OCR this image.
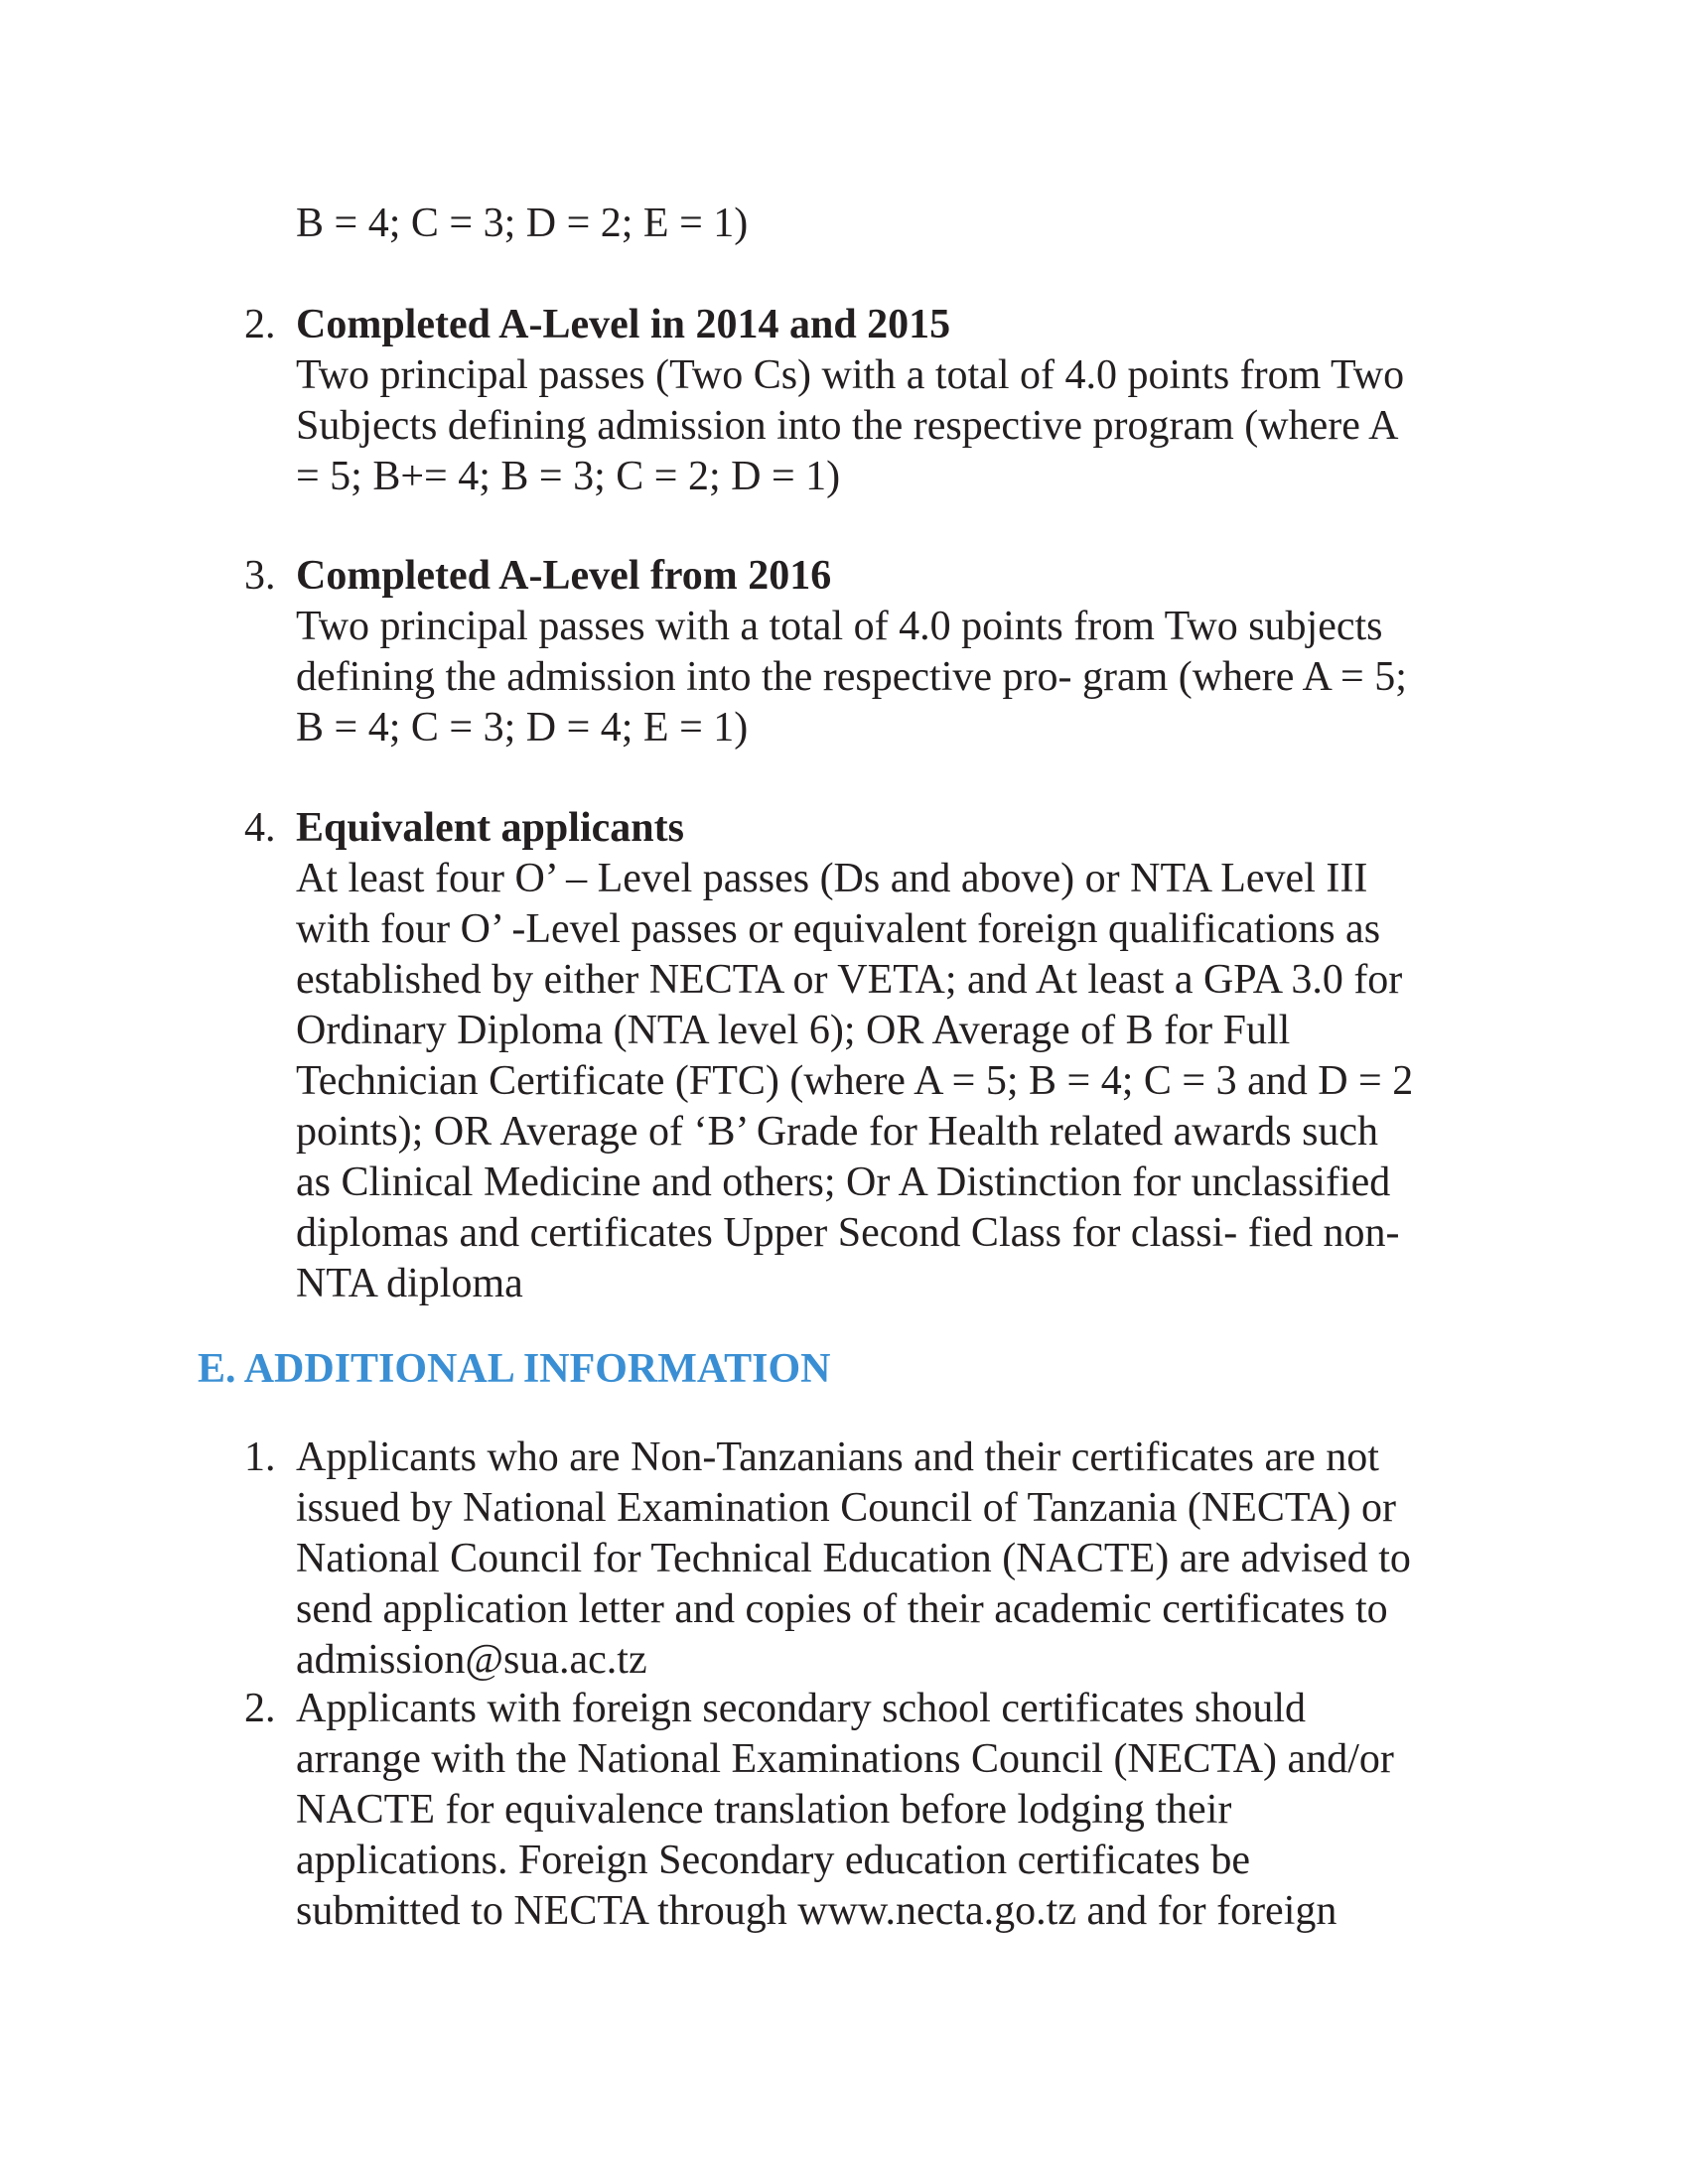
B = 4; C = 3; D = 2; E = 1)
2. Completed A-Level in 2014 and 2015
Two principal passes (Two Cs) with a total of 4.0 points from Two
Subjects defining admission into the respective program (where A
= 5; B+= 4; B = 3; C = 2; D = 1)
3. Completed A-Level from 2016
Two principal passes with a total of 4.0 points from Two subjects
defining the admission into the respective pro- gram (where A = 5;
B = 4; C = 3; D = 4; E = 1)
4. Equivalent applicants
At least four O’ – Level passes (Ds and above) or NTA Level III
with four O’ -Level passes or equivalent foreign qualifications as
established by either NECTA or VETA; and At least a GPA 3.0 for
Ordinary Diploma (NTA level 6); OR Average of B for Full
Technician Certificate (FTC) (where A = 5; B = 4; C = 3 and D = 2
points); OR Average of ‘B’ Grade for Health related awards such
as Clinical Medicine and others; Or A Distinction for unclassified
diplomas and certificates Upper Second Class for classi- fied non-
NTA diploma
E. ADDITIONAL INFORMATION
1. Applicants who are Non-Tanzanians and their certificates are not
issued by National Examination Council of Tanzania (NECTA) or
National Council for Technical Education (NACTE) are advised to
send application letter and copies of their academic certificates to
admission@sua.ac.tz
2. Applicants with foreign secondary school certificates should
arrange with the National Examinations Council (NECTA) and/or
NACTE for equivalence translation before lodging their
applications. Foreign Secondary education certificates be
submitted to NECTA through www.necta.go.tz and for foreign
